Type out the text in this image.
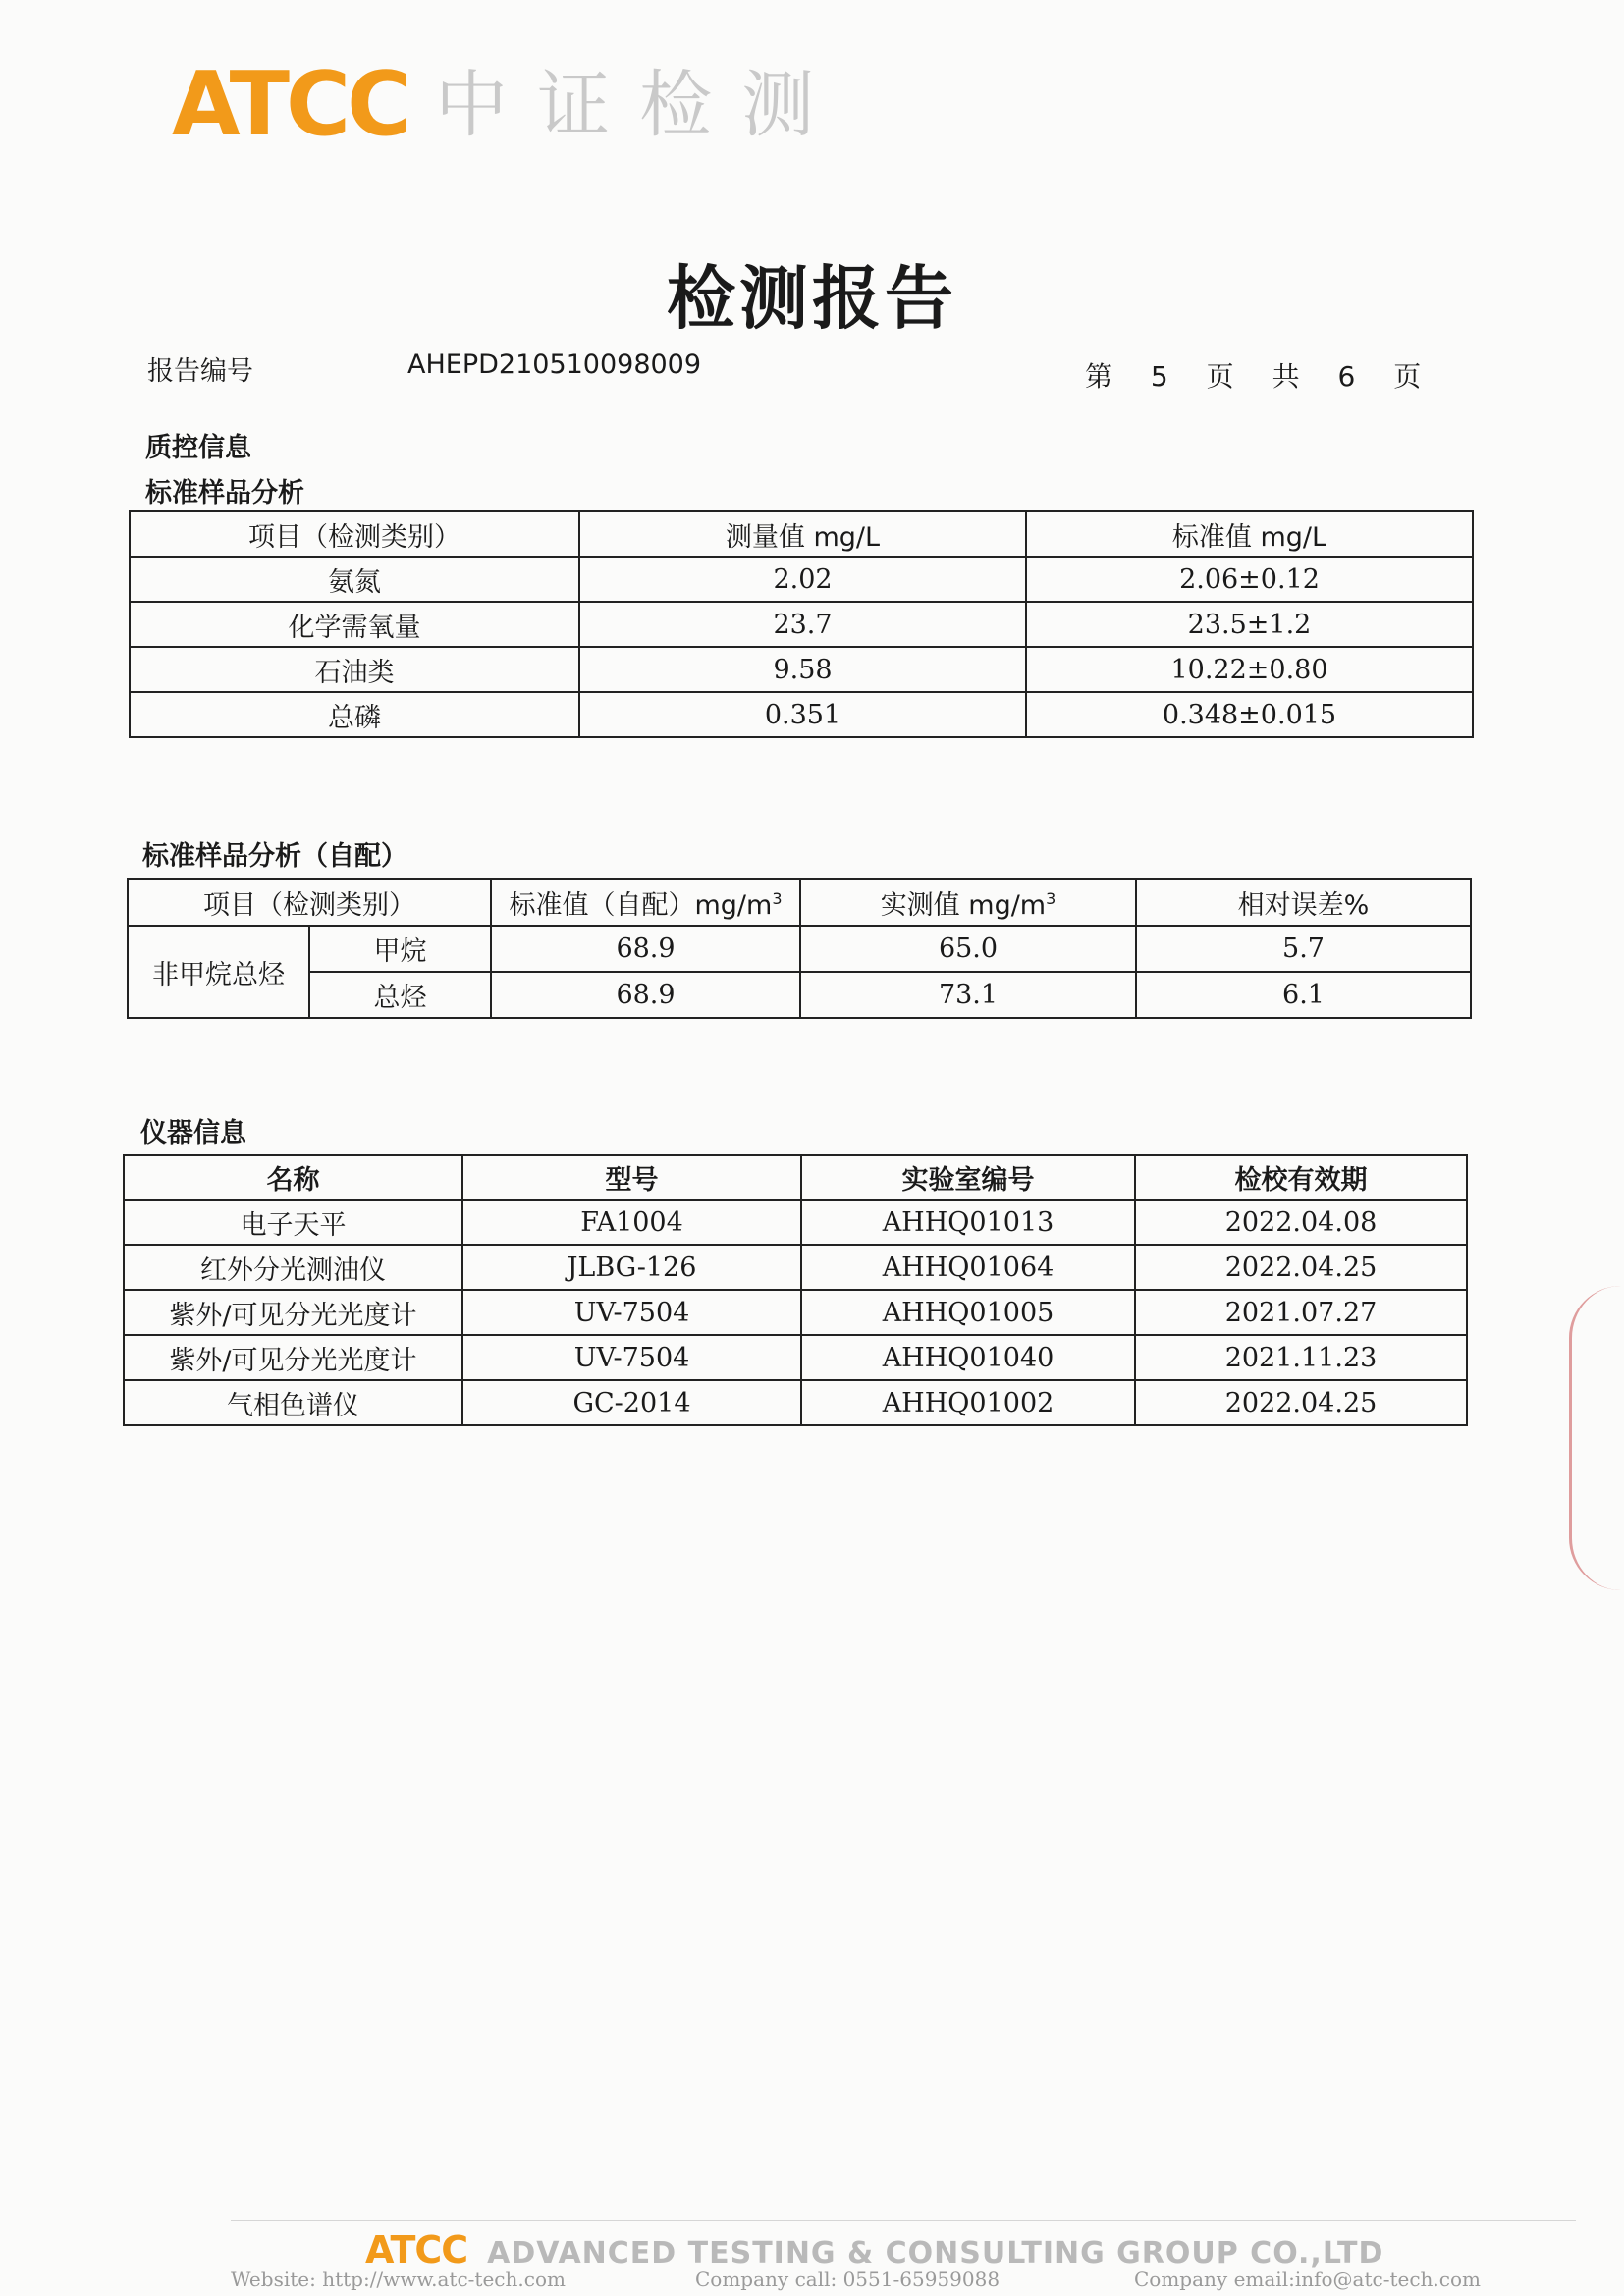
ATCC 中证检测
检测报告
报告编号	AHEPD210510098009	第 5 页 共 6 页
质控信息
标准样品分析
项目（检测类别）	测量值 mg/L	标准值 mg/L
氨氮	2.02	2.06±0.12
化学需氧量	23.7	23.5±1.2
石油类	9.58	10.22±0.80
总磷	0.351	0.348±0.015
标准样品分析（自配）
项目（检测类别）		标准值（自配）$mg/m^3$	实测值 $mg/m^3$	相对误差%
非甲烷总烃	甲烷	68.9	65.0	5.7
	总烃	68.9	73.1	6.1
仪器信息
名称	型号	实验室编号	检校有效期
电子天平	FA1004	AHHQ01013	2022.04.08
红外分光测油仪	JLBG-126	AHHQ01064	2022.04.25
紫外/可见分光光度计	UV-7504	AHHQ01005	2021.07.27
紫外/可见分光光度计	UV-7504	AHHQ01040	2021.11.23
气相色谱仪	GC-2014	AHHQ01002	2022.04.25
ATCC ADVANCED TESTING & CONSULTING GROUP CO.,LTD
Website: http://www.atc-tech.com	Company call: 0551-65959088	Company email:info@atc-tech.com
